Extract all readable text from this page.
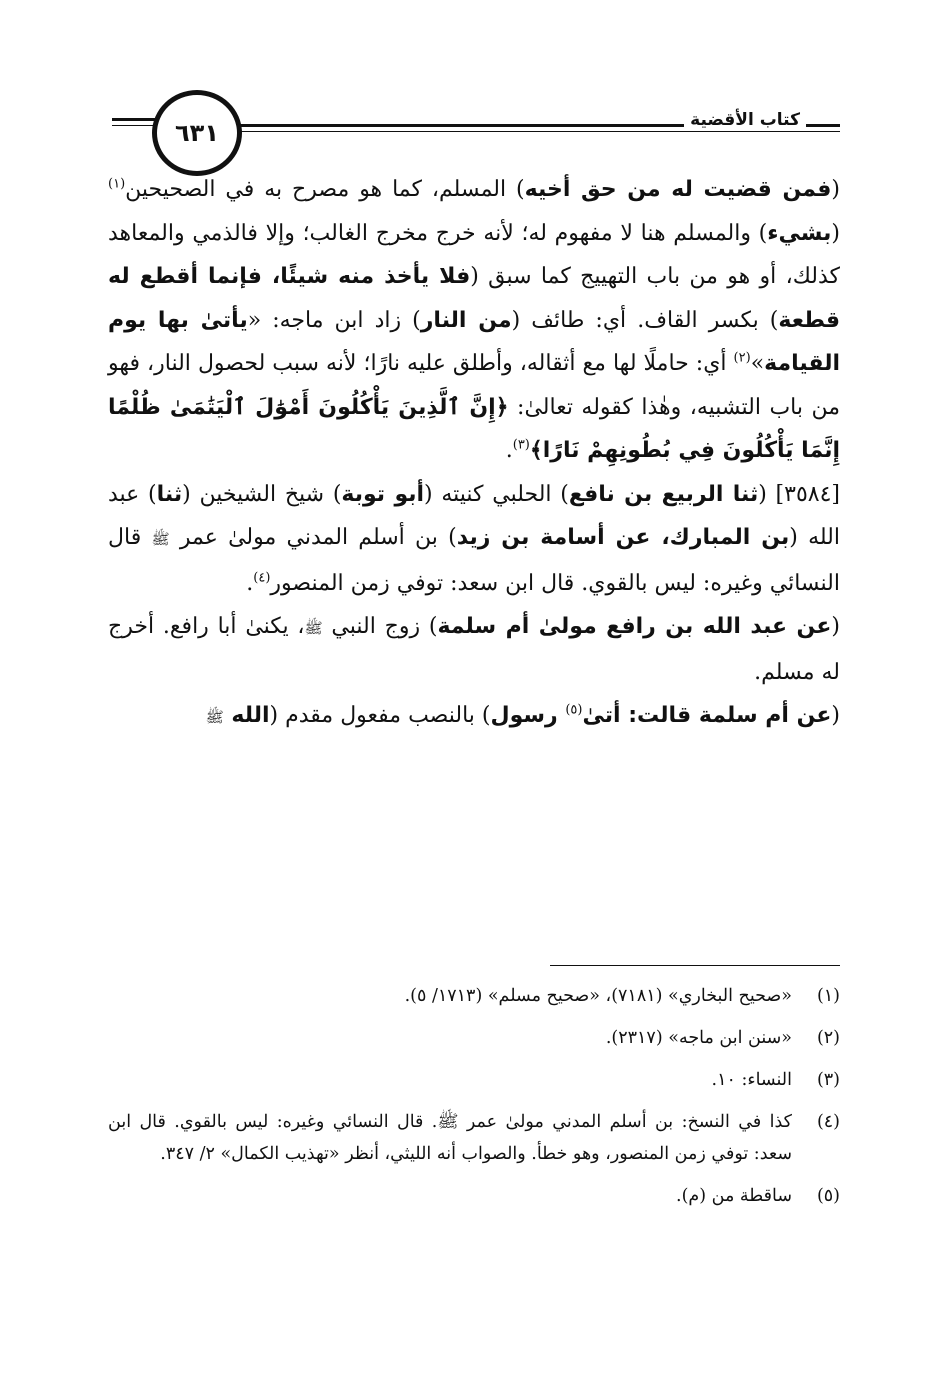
٦٣١	كتاب الأقضية

(فمن قضيت له من حق أخيه) المسلم، كما هو مصرح به في الصحيحين$^{(١)}$ (بشيء) والمسلم هنا لا مفهوم له؛ لأنه خرج مخرج الغالب؛ وإلا فالذمي والمعاهد كذلك، أو هو من باب التهييج كما سبق (فلا يأخذ منه شيئًا، فإنما أقطع له قطعة) بكسر القاف. أي: طائف (من النار) زاد ابن ماجه: «يأتىٰ بها يوم القيامة»$^{(٢)}$ أي: حاملًا لها مع أثقاله، وأطلق عليه نارًا؛ لأنه سبب لحصول النار، فهو من باب التشبيه، وهٰذا كقوله تعالىٰ: ﴿إِنَّ ٱلَّذِينَ يَأْكُلُونَ أَمْوَٰلَ ٱلْيَتَٰمَىٰ ظُلْمًا إِنَّمَا يَأْكُلُونَ فِي بُطُونِهِمْ نَارًا﴾$^{(٣)}$.

[٣٥٨٤] (ثنا الربيع بن نافع) الحلبي كنيته (أبو توبة) شيخ الشيخين (ثنا) عبد الله (بن المبارك، عن أسامة بن زيد) بن أسلم المدني مولىٰ عمر ﷺ قال النسائي وغيره: ليس بالقوي. قال ابن سعد: توفي زمن المنصور$^{(٤)}$.

(عن عبد الله بن رافع مولىٰ أم سلمة) زوج النبي ﷺ، يكنىٰ أبا رافع. أخرج له مسلم.

(عن أم سلمة قالت: أتىٰ$^{(٥)}$ رسول) بالنصب مفعول مقدم (الله ﷺ

(١)
«صحيح البخاري» (٧١٨١)، «صحيح مسلم» (١٧١٣/ ٥).
(٢)
«سنن ابن ماجه» (٢٣١٧).
(٣)
النساء: ١٠.
(٤)
كذا في النسخ: بن أسلم المدني مولىٰ عمر ﷺ. قال النسائي وغيره: ليس بالقوي. قال ابن سعد: توفي زمن المنصور، وهو خطأ. والصواب أنه الليثي، أنظر «تهذيب الكمال» ٢/ ٣٤٧.
(٥)
ساقطة من (م).
